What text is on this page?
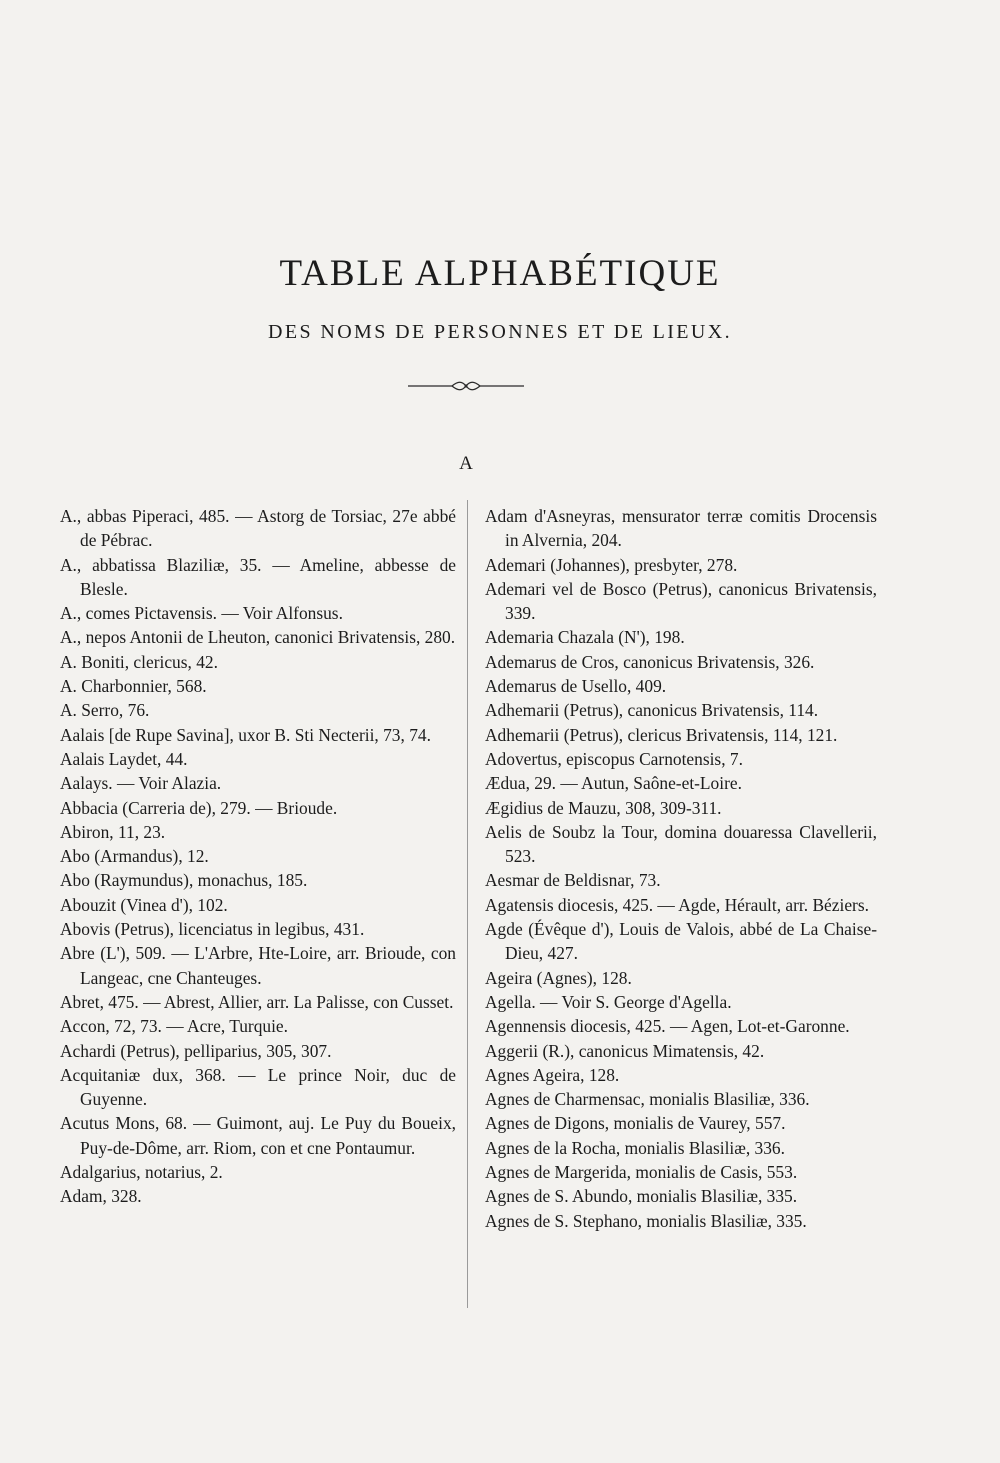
TABLE ALPHABÉTIQUE
DES NOMS DE PERSONNES ET DE LIEUX.
A
A., abbas Piperaci, 485. — Astorg de Torsiac, 27e abbé de Pébrac.
A., abbatissa Blaziliæ, 35. — Ameline, abbesse de Blesle.
A., comes Pictavensis. — Voir Alfonsus.
A., nepos Antonii de Lheuton, canonici Brivatensis, 280.
A. Boniti, clericus, 42.
A. Charbonnier, 568.
A. Serro, 76.
Aalais [de Rupe Savina], uxor B. Sti Necterii, 73, 74.
Aalais Laydet, 44.
Aalays. — Voir Alazia.
Abbacia (Carreria de), 279. — Brioude.
Abiron, 11, 23.
Abo (Armandus), 12.
Abo (Raymundus), monachus, 185.
Abouzit (Vinea d'), 102.
Abovis (Petrus), licenciatus in legibus, 431.
Abre (L'), 509. — L'Arbre, Hte-Loire, arr. Brioude, con Langeac, cne Chanteuges.
Abret, 475. — Abrest, Allier, arr. La Palisse, con Cusset.
Accon, 72, 73. — Acre, Turquie.
Achardi (Petrus), pelliparius, 305, 307.
Acquitaniæ dux, 368. — Le prince Noir, duc de Guyenne.
Acutus Mons, 68. — Guimont, auj. Le Puy du Boueix, Puy-de-Dôme, arr. Riom, con et cne Pontaumur.
Adalgarius, notarius, 2.
Adam, 328.
Adam d'Asneyras, mensurator terræ comitis Drocensis in Alvernia, 204.
Ademari (Johannes), presbyter, 278.
Ademari vel de Bosco (Petrus), canonicus Brivatensis, 339.
Ademaria Chazala (N'), 198.
Ademarus de Cros, canonicus Brivatensis, 326.
Ademarus de Usello, 409.
Adhemarii (Petrus), canonicus Brivatensis, 114.
Adhemarii (Petrus), clericus Brivatensis, 114, 121.
Adovertus, episcopus Carnotensis, 7.
Ædua, 29. — Autun, Saône-et-Loire.
Ægidius de Mauzu, 308, 309-311.
Aelis de Soubz la Tour, domina douaressa Clavellerii, 523.
Aesmar de Beldisnar, 73.
Agatensis diocesis, 425. — Agde, Hérault, arr. Béziers.
Agde (Évêque d'), Louis de Valois, abbé de La Chaise-Dieu, 427.
Ageira (Agnes), 128.
Agella. — Voir S. George d'Agella.
Agennensis diocesis, 425. — Agen, Lot-et-Garonne.
Aggerii (R.), canonicus Mimatensis, 42.
Agnes Ageira, 128.
Agnes de Charmensac, monialis Blasiliæ, 336.
Agnes de Digons, monialis de Vaurey, 557.
Agnes de la Rocha, monialis Blasiliæ, 336.
Agnes de Margerida, monialis de Casis, 553.
Agnes de S. Abundo, monialis Blasiliæ, 335.
Agnes de S. Stephano, monialis Blasiliæ, 335.
